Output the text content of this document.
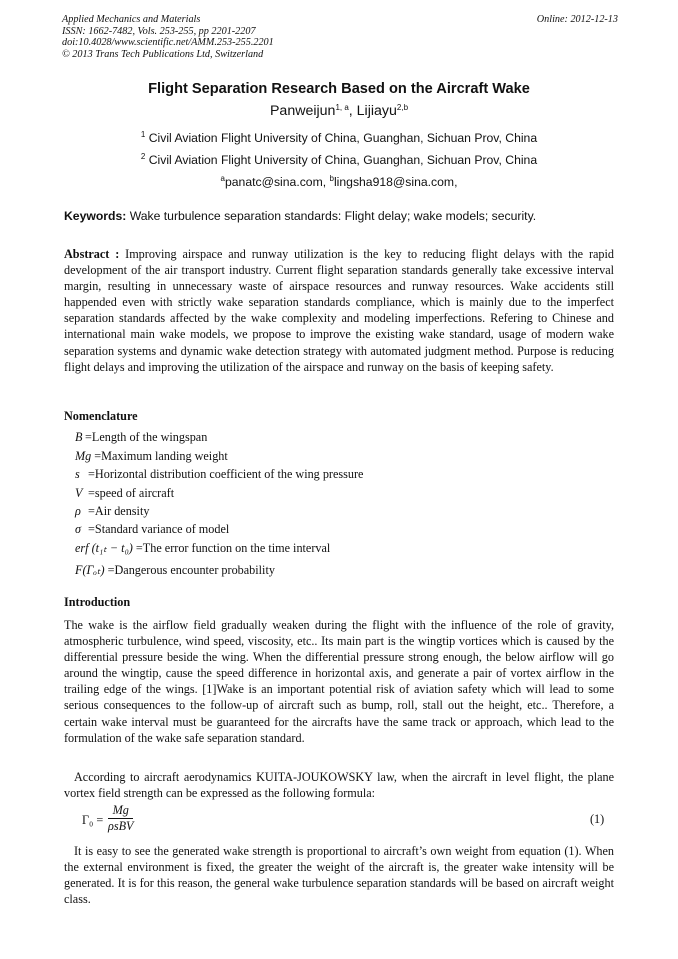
Applied Mechanics and Materials
ISSN: 1662-7482, Vols. 253-255, pp 2201-2207
doi:10.4028/www.scientific.net/AMM.253-255.2201
© 2013 Trans Tech Publications Ltd, Switzerland
Online: 2012-12-13
Flight Separation Research Based on the Aircraft Wake
Panweijun$^{1, a}$, Lijiayu$^{2,b}$
$^1$ Civil Aviation Flight University of China, Guanghan, Sichuan Prov, China
$^2$ Civil Aviation Flight University of China, Guanghan, Sichuan Prov, China
$^a$panatc@sina.com, $^b$lingsha918@sina.com,
Keywords: Wake turbulence separation standards: Flight delay; wake models; security.
Abstract : Improving airspace and runway utilization is the key to reducing flight delays with the rapid development of the air transport industry. Current flight separation standards generally take excessive interval margin, resulting in unnecessary waste of airspace resources and runway resources. Wake accidents still happended even with strictly wake separation standards compliance, which is mainly due to the imperfect separation standards affected by the wake complexity and modeling imperfections. Refering to Chinese and international main wake models, we propose to improve the existing wake standard, usage of modern wake separation systems and dynamic wake detection strategy with automated judgment method. Purpose is reducing flight delays and improving the utilization of the airspace and runway on the basis of keeping safety.
Nomenclature
B =Length of the wingspan
Mg =Maximum landing weight
s =Horizontal distribution coefficient of the wing pressure
V =speed of aircraft
ρ =Air density
σ =Standard variance of model
erf (t₁ₜ − t₀) =The error function on the time interval
F(Γₒₜ) =Dangerous encounter probability
Introduction
The wake is the airflow field gradually weaken during the flight with the influence of the role of gravity, atmospheric turbulence, wind speed, viscosity, etc.. Its main part is the wingtip vortices which is caused by the differential pressure beside the wing. When the differential pressure strong enough, the below airflow will go around the wingtip, cause the speed difference in horizontal axis, and generate a pair of vortex airflow in the trailing edge of the wings. [1]Wake is an important potential risk of aviation safety which will lead to some serious consequences to the follow-up of aircraft such as bump, roll, stall out the height, etc.. Therefore, a certain wake interval must be guaranteed for the aircrafts have the same track or approach, which lead to the formulation of the wake safe separation standard.
According to aircraft aerodynamics KUITA-JOUKOWSKY law, when the aircraft in level flight, the plane vortex field strength can be expressed as the following formula:
Γ₀ =
Mg
ρsBV	(1)
It is easy to see the generated wake strength is proportional to aircraft’s own weight from equation (1). When the external environment is fixed, the greater the weight of the aircraft is, the greater wake intensity will be generated. It is for this reason, the general wake turbulence separation standards will be based on aircraft weight class.
